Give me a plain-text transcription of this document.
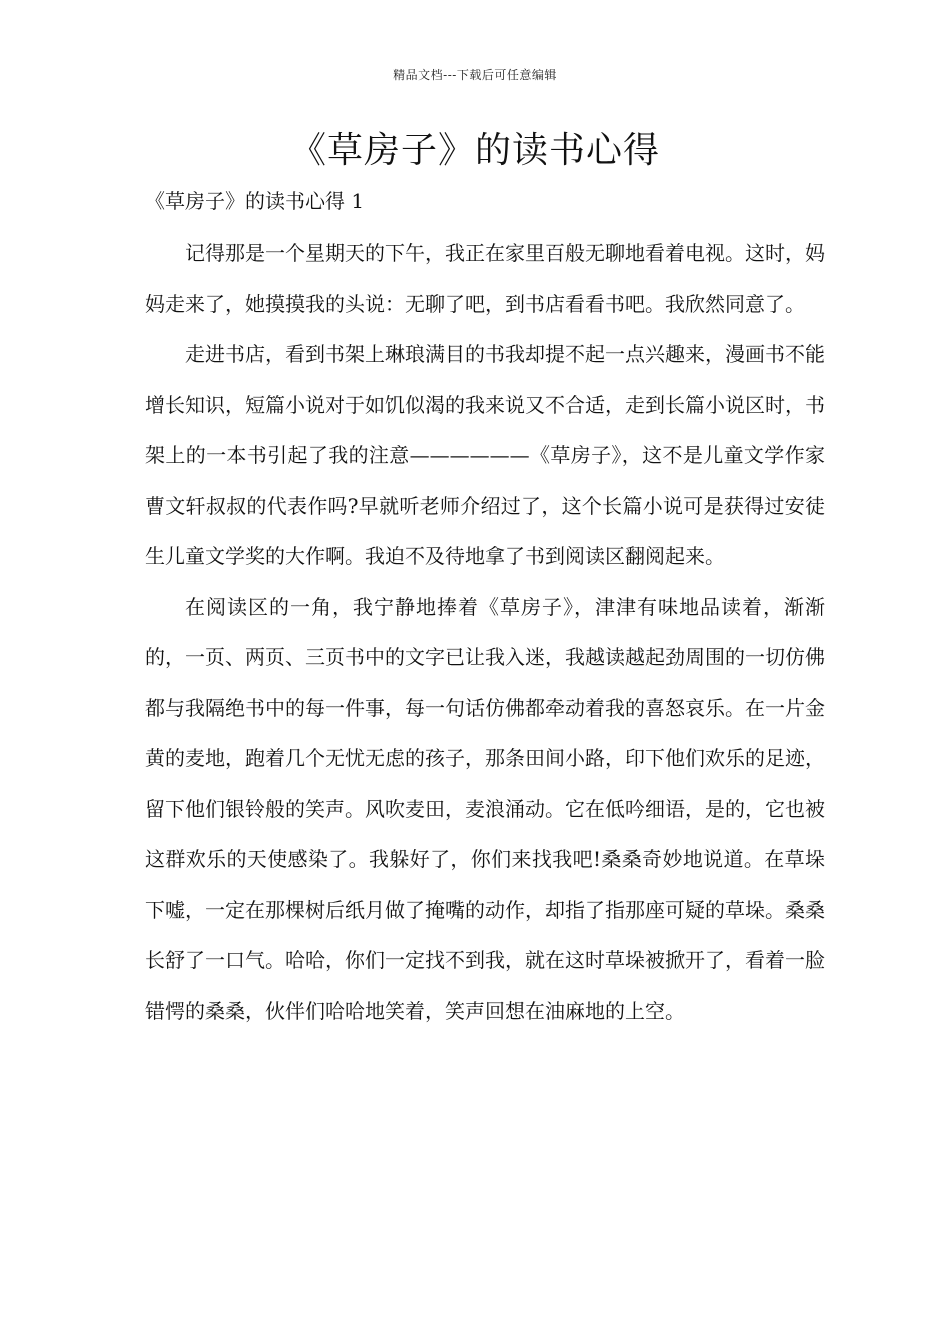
精品文档---下载后可任意编辑
《草房子》的读书心得
《草房子》的读书心得 1

记得那是一个星期天的下午，我正在家里百般无聊地看着电视。这时，妈妈走来了，她摸摸我的头说：无聊了吧，到书店看看书吧。我欣然同意了。

走进书店，看到书架上琳琅满目的书我却提不起一点兴趣来，漫画书不能增长知识，短篇小说对于如饥似渴的我来说又不合适，走到长篇小说区时，书架上的一本书引起了我的注意——————《草房子》，这不是儿童文学作家曹文轩叔叔的代表作吗?早就听老师介绍过了，这个长篇小说可是获得过安徒生儿童文学奖的大作啊。我迫不及待地拿了书到阅读区翻阅起来。

在阅读区的一角，我宁静地捧着《草房子》，津津有味地品读着，渐渐的，一页、两页、三页书中的文字已让我入迷，我越读越起劲周围的一切仿佛都与我隔绝书中的每一件事，每一句话仿佛都牵动着我的喜怒哀乐。在一片金黄的麦地，跑着几个无忧无虑的孩子，那条田间小路，印下他们欢乐的足迹，留下他们银铃般的笑声。风吹麦田，麦浪涌动。它在低吟细语，是的，它也被这群欢乐的天使感染了。我躲好了，你们来找我吧!桑桑奇妙地说道。在草垛下嘘，一定在那棵树后纸月做了掩嘴的动作，却指了指那座可疑的草垛。桑桑长舒了一口气。哈哈，你们一定找不到我，就在这时草垛被掀开了，看着一脸错愕的桑桑，伙伴们哈哈地笑着，笑声回想在油麻地的上空。
